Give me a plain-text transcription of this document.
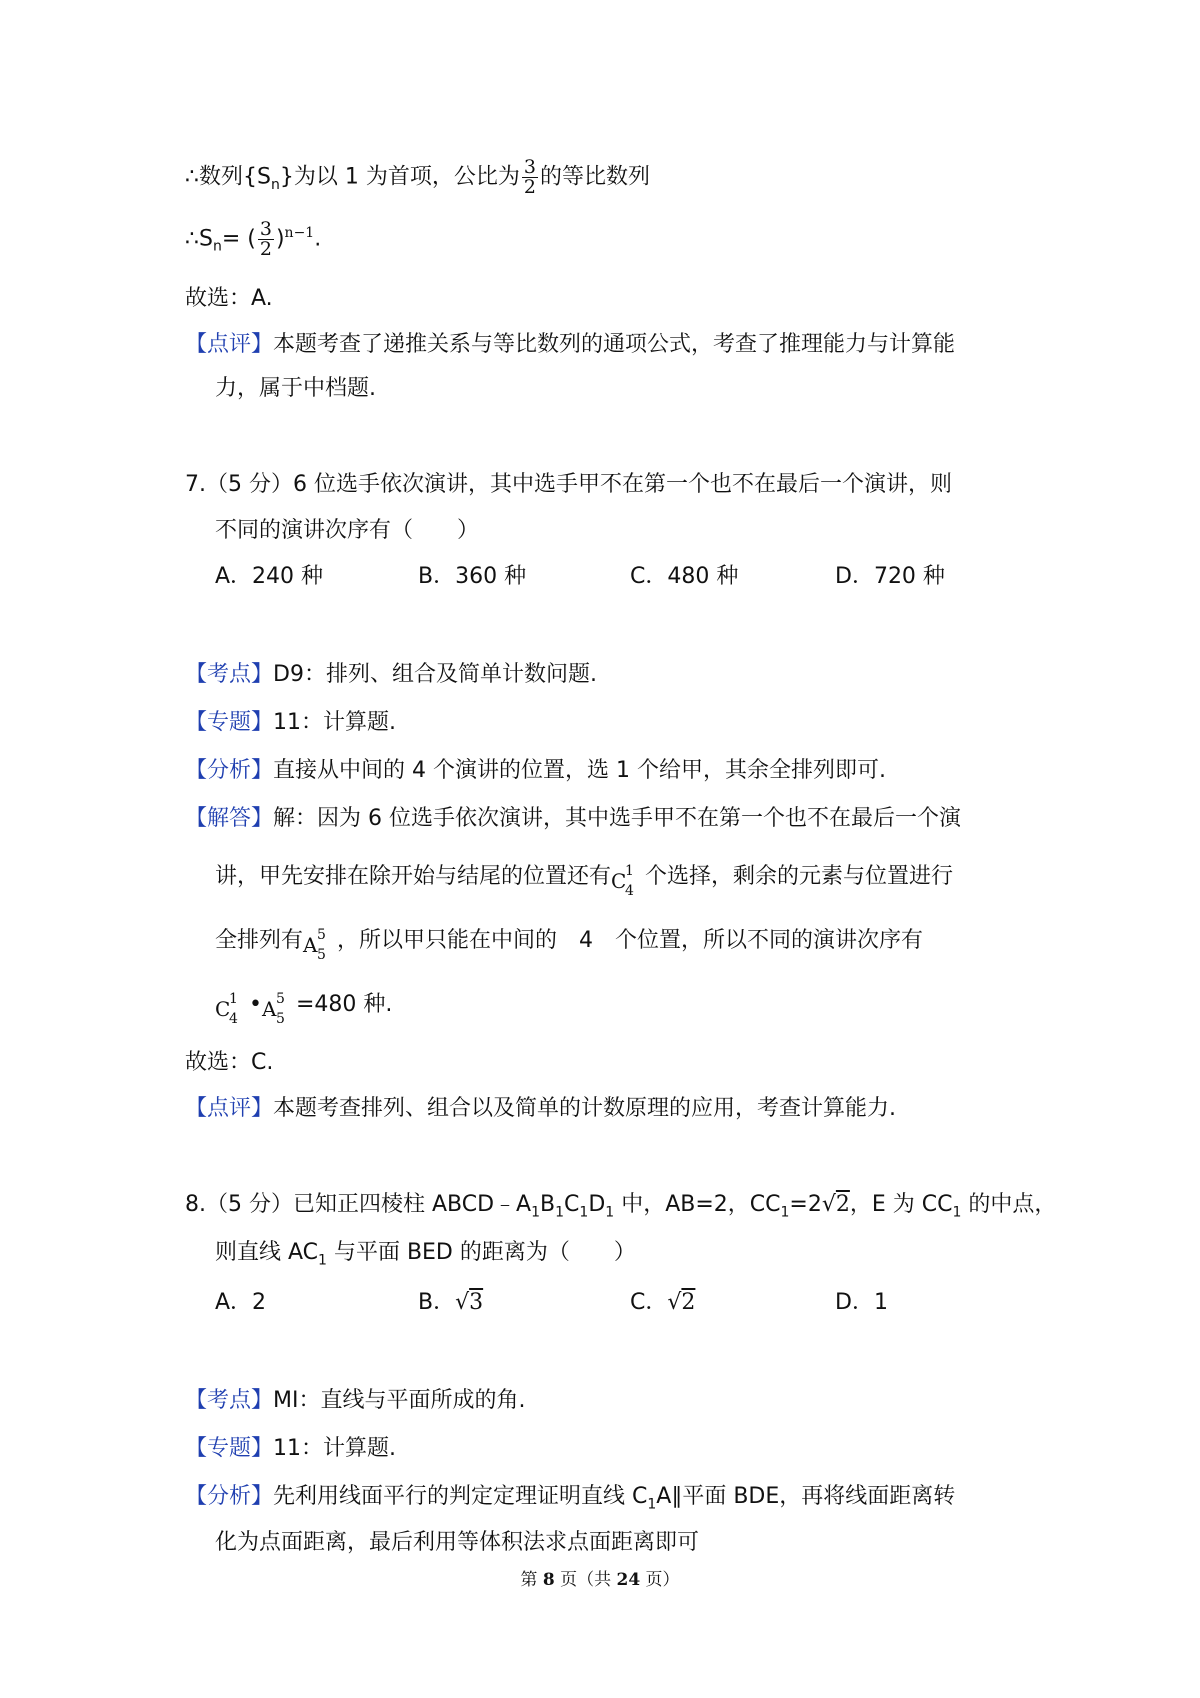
∴数列$\{S_n\}$为以 1 为首项，公比为 $\frac{3}{2}$ 的等比数列
$\therefore S_n=$ ( $\frac{3}{2} )^{n-1}$.
故选：A.
【点评】本题考查了递推关系与等比数列的通项公式，考查了推理能力与计算能
力，属于中档题.
7.（5 分）6 位选手依次演讲，其中选手甲不在第一个也不在最后一个演讲，则
不同的演讲次序有（　　）
A．240 种	B．360 种	C．480 种	D．720 种
【考点】D9：排列、组合及简单计数问题.
【专题】11：计算题.
【分析】直接从中间的 4 个演讲的位置，选 1 个给甲，其余全排列即可.
【解答】解：因为 6 位选手依次演讲，其中选手甲不在第一个也不在最后一个演
讲，甲先安排在除开始与结尾的位置还有 C
1
4
个选择，剩余的元素与位置进行
全排列有 A 5
5
，所以甲只能在中间的　4　个位置，所以不同的演讲次序有
C
1
4
• A 5
5
=480 种.
故选：C.
【点评】本题考查排列、组合以及简单的计数原理的应用，考查计算能力.
8.（5 分）已知正四棱柱 $ABCD﹣A_1B_1C_1D_1$ 中，AB=2，$CC_1=2√2$，E 为 $CC_1$ 的中点，
则直线 $AC_1$ 与平面 BED 的距离为（　　）
A．2	B．√3	C．√2	D．1
【考点】MI：直线与平面所成的角.
【专题】11：计算题.
【分析】先利用线面平行的判定定理证明直线 $C_1A\parallel$平面 BDE，再将线面距离转
化为点面距离，最后利用等体积法求点面距离即可
第 8 页（共 24 页）
